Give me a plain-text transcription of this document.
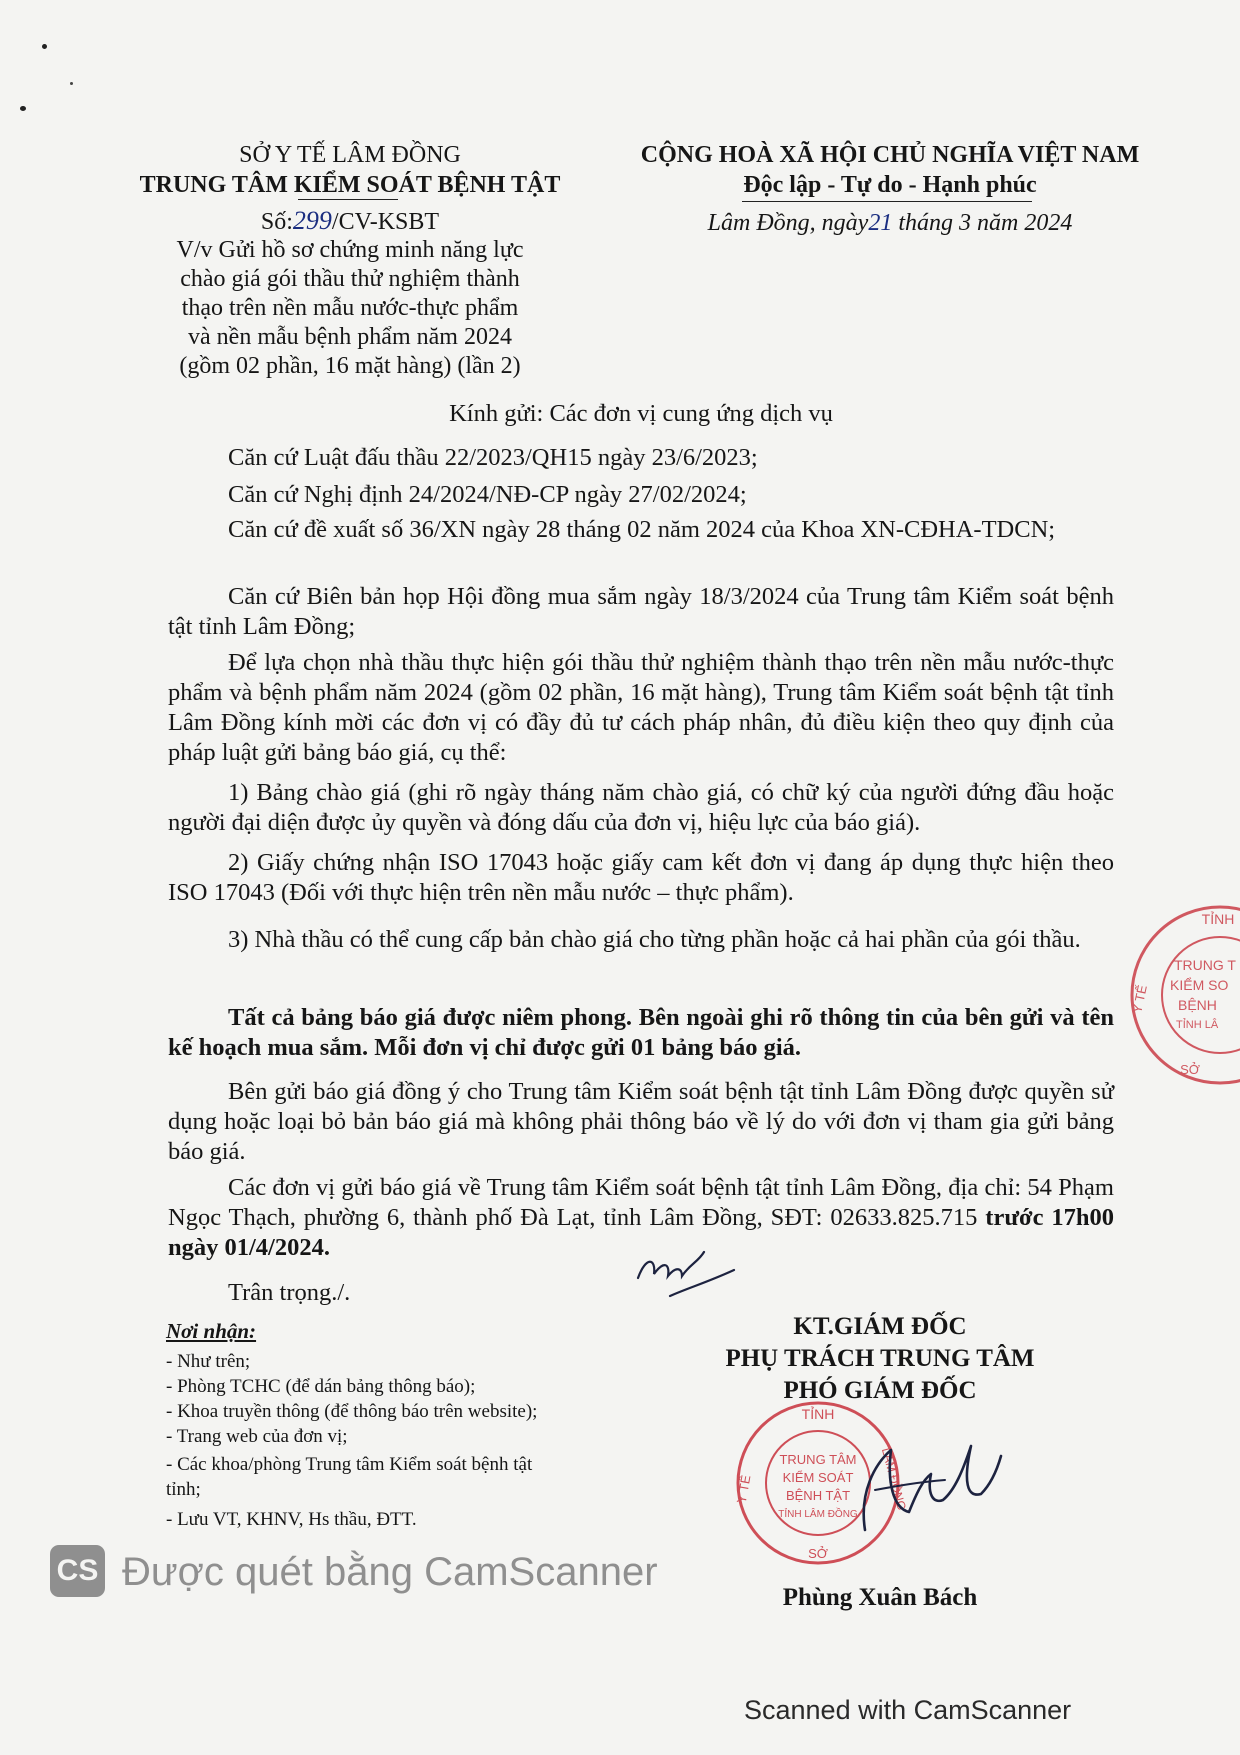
SỞ Y TẾ LÂM ĐỒNG
TRUNG TÂM KIỂM SOÁT BỆNH TẬT
Số:299/CV-KSBT
V/v Gửi hồ sơ chứng minh năng lực
chào giá gói thầu thử nghiệm thành
thạo trên nền mẫu nước-thực phẩm
và nền mẫu bệnh phẩm năm 2024
(gồm 02 phần, 16 mặt hàng) (lần 2)
CỘNG HOÀ XÃ HỘI CHỦ NGHĨA VIỆT NAM
Độc lập - Tự do - Hạnh phúc
Lâm Đồng, ngày21 tháng 3 năm 2024
Kính gửi: Các đơn vị cung ứng dịch vụ
Căn cứ Luật đấu thầu 22/2023/QH15 ngày 23/6/2023;
Căn cứ Nghị định 24/2024/NĐ-CP ngày 27/02/2024;
Căn cứ đề xuất số 36/XN ngày 28 tháng 02 năm 2024 của Khoa XN-CĐHA-TDCN;
Căn cứ Biên bản họp Hội đồng mua sắm ngày 18/3/2024 của Trung tâm Kiểm soát bệnh tật tỉnh Lâm Đồng;
Để lựa chọn nhà thầu thực hiện gói thầu thử nghiệm thành thạo trên nền mẫu nước-thực phẩm và bệnh phẩm năm 2024 (gồm 02 phần, 16 mặt hàng), Trung tâm Kiểm soát bệnh tật tỉnh Lâm Đồng kính mời các đơn vị có đầy đủ tư cách pháp nhân, đủ điều kiện theo quy định của pháp luật gửi bảng báo giá, cụ thể:
1) Bảng chào giá (ghi rõ ngày tháng năm chào giá, có chữ ký của người đứng đầu hoặc người đại diện được ủy quyền và đóng dấu của đơn vị, hiệu lực của báo giá).
2) Giấy chứng nhận ISO 17043 hoặc giấy cam kết đơn vị đang áp dụng thực hiện theo ISO 17043 (Đối với thực hiện trên nền mẫu nước – thực phẩm).
3) Nhà thầu có thể cung cấp bản chào giá cho từng phần hoặc cả hai phần của gói thầu.
Tất cả bảng báo giá được niêm phong. Bên ngoài ghi rõ thông tin của bên gửi và tên kế hoạch mua sắm. Mỗi đơn vị chỉ được gửi 01 bảng báo giá.
Bên gửi báo giá đồng ý cho Trung tâm Kiểm soát bệnh tật tỉnh Lâm Đồng được quyền sử dụng hoặc loại bỏ bản báo giá mà không phải thông báo về lý do với đơn vị tham gia gửi bảng báo giá.
Các đơn vị gửi báo giá về Trung tâm Kiểm soát bệnh tật tỉnh Lâm Đồng, địa chỉ: 54 Phạm Ngọc Thạch, phường 6, thành phố Đà Lạt, tỉnh Lâm Đồng, SĐT: 02633.825.715 trước 17h00 ngày 01/4/2024.
Trân trọng./.
Nơi nhận:
- Như trên;
- Phòng TCHC (để dán bảng thông báo);
- Khoa truyền thông (để thông báo trên website);
- Trang web của đơn vị;
- Các khoa/phòng Trung tâm Kiểm soát bệnh tật
tỉnh;
- Lưu VT, KHNV, Hs thầu, ĐTT.
KT.GIÁM ĐỐC
PHỤ TRÁCH TRUNG TÂM
PHÓ GIÁM ĐỐC
TỈNH
Y TẾ
SỞ
LÂM ĐỒNG
TRUNG TÂM
KIỂM SOÁT
BỆNH TẬT
TỈNH LÂM ĐỒNG
Phùng Xuân Bách
TỈNH
Y TẾ
SỞ
TRUNG T
KIỂM SO
BỆNH
TỈNH LÂ
CS Được quét bằng CamScanner
Scanned with CamScanner
